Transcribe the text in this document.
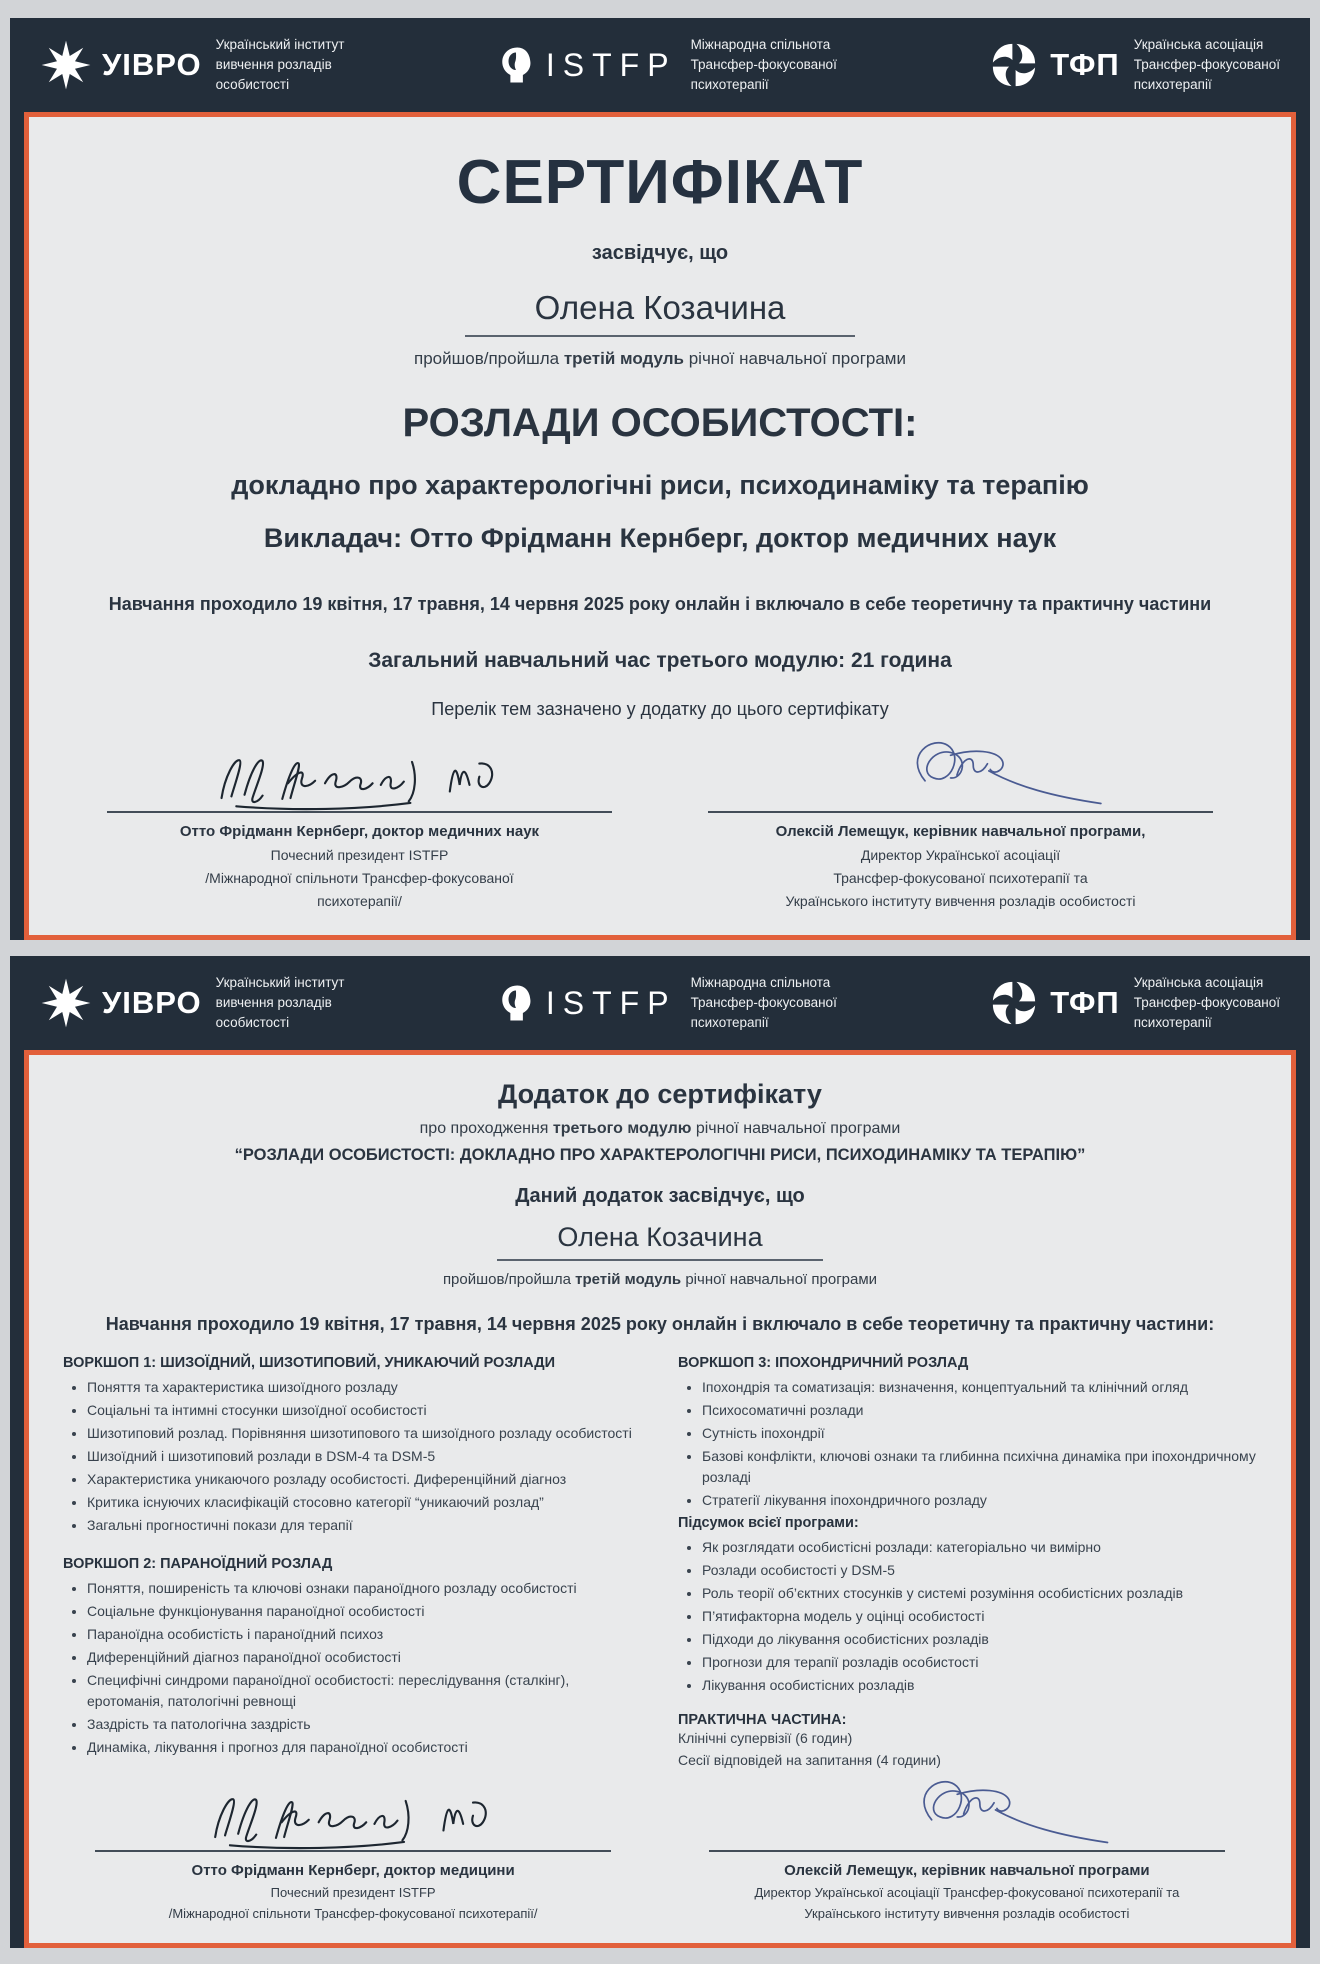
УІВРО
Український інститут
вивчення розладів
особистості
ISTFP
Міжнародна спільнота
Трансфер-фокусованої
психотерапії
ТФП
Українська асоціація
Трансфер-фокусованої
психотерапії
СЕРТИФІКАТ
засвідчує, що
Олена Козачина
пройшов/пройшла третій модуль річної навчальної програми
РОЗЛАДИ ОСОБИСТОСТІ:
докладно про характерологічні риси, психодинаміку та терапію
Викладач: Отто Фрідманн Кернберг, доктор медичних наук
Навчання проходило 19 квітня, 17 травня, 14 червня 2025 року онлайн і включало в себе теоретичну та практичну частини
Загальний навчальний час третього модулю: 21 година
Перелік тем зазначено у додатку до цього сертифікату
Отто Фрідманн Кернберг, доктор медичних наук
Почесний президент ISTFP
/Міжнародної спільноти Трансфер-фокусованої
психотерапії/
Олексій Лемещук, керівник навчальної програми,
Директор Української асоціації
Трансфер-фокусованої психотерапії та
Українського інституту вивчення розладів особистості
УІВРО
Український інститут
вивчення розладів
особистості
ISTFP
Міжнародна спільнота
Трансфер-фокусованої
психотерапії
ТФП
Українська асоціація
Трансфер-фокусованої
психотерапії
Додаток до сертифікату
про проходження третього модулю річної навчальної програми
“РОЗЛАДИ ОСОБИСТОСТІ: ДОКЛАДНО ПРО ХАРАКТЕРОЛОГІЧНІ РИСИ, ПСИХОДИНАМІКУ ТА ТЕРАПІЮ”
Даний додаток засвідчує, що
Олена Козачина
пройшов/пройшла третій модуль річної навчальної програми
Навчання проходило 19 квітня, 17 травня, 14 червня 2025 року онлайн і включало в себе теоретичну та практичну частини:
ВОРКШОП 1: ШИЗОЇДНИЙ, ШИЗОТИПОВИЙ, УНИКАЮЧИЙ РОЗЛАДИ
• Поняття та характеристика шизоїдного розладу
• Соціальні та інтимні стосунки шизоїдної особистості
• Шизотиповий розлад. Порівняння шизотипового та шизоїдного розладу особистості
• Шизоїдний і шизотиповий розлади в DSM-4 та DSM-5
• Характеристика уникаючого розладу особистості. Диференційний діагноз
• Критика існуючих класифікацій стосовно категорії “уникаючий розлад”
• Загальні прогностичні покази для терапії
ВОРКШОП 2: ПАРАНОЇДНИЙ РОЗЛАД
• Поняття, поширеність та ключові ознаки параноїдного розладу особистості
• Соціальне функціонування параноїдної особистості
• Параноїдна особистість і параноїдний психоз
• Диференційний діагноз параноїдної особистості
• Специфічні синдроми параноїдної особистості: переслідування (сталкінг), еротоманія, патологічні ревнощі
• Заздрість та патологічна заздрість
• Динаміка, лікування і прогноз для параноїдної особистості
ВОРКШОП 3: ІПОХОНДРИЧНИЙ РОЗЛАД
• Іпохондрія та соматизація: визначення, концептуальний та клінічний огляд
• Психосоматичні розлади
• Сутність іпохондрії
• Базові конфлікти, ключові ознаки та глибинна психічна динаміка при іпохондричному розладі
• Стратегії лікування іпохондричного розладу
Підсумок всієї програми:
• Як розглядати особистісні розлади: категоріально чи вимірно
• Розлади особистості у DSM-5
• Роль теорії об’єктних стосунків у системі розуміння особистісних розладів
• П’ятифакторна модель у оцінці особистості
• Підходи до лікування особистісних розладів
• Прогнози для терапії розладів особистості
• Лікування особистісних розладів
ПРАКТИЧНА ЧАСТИНА:
Клінічні супервізії (6 годин)
Сесії відповідей на запитання (4 години)
Отто Фрідманн Кернберг, доктор медицини
Почесний президент ISTFP
/Міжнародної спільноти Трансфер-фокусованої психотерапії/
Олексій Лемещук, керівник навчальної програми
Директор Української асоціації Трансфер-фокусованої психотерапії та
Українського інституту вивчення розладів особистості
